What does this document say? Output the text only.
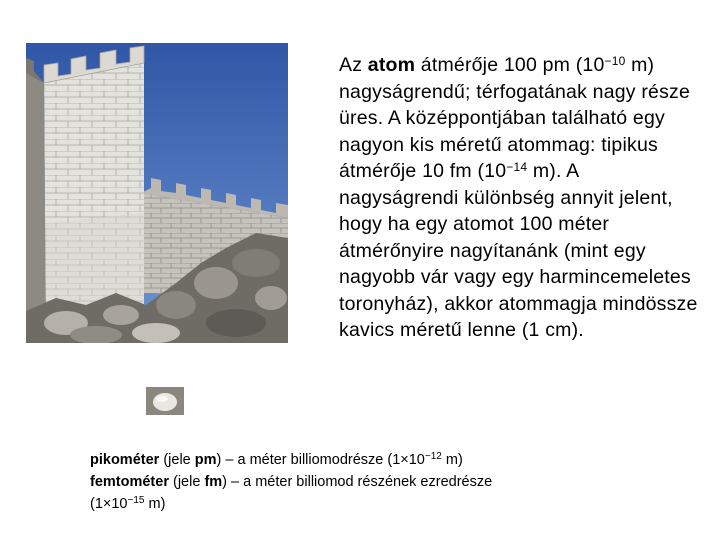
Az atom átmérője 100 pm ($10^{-10}$ m) nagyságrendű; térfogatának nagy része üres. A középpontjában található egy nagyon kis méretű atommag: tipikus átmérője 10 fm ($10^{-14}$ m). A nagyságrendi különbség annyit jelent, hogy ha egy atomot 100 méter átmérőnyire nagyítanánk (mint egy nagyobb vár vagy egy harmincemeletes toronyház), akkor atommagja mindössze kavics méretű lenne (1 cm).
pikométer (jele pm) – a méter billiomodrésze ($1\times 10^{-12}$ m)
femtométer (jele fm) – a méter billiomod részének ezredrésze
($1\times 10^{-15}$ m)
